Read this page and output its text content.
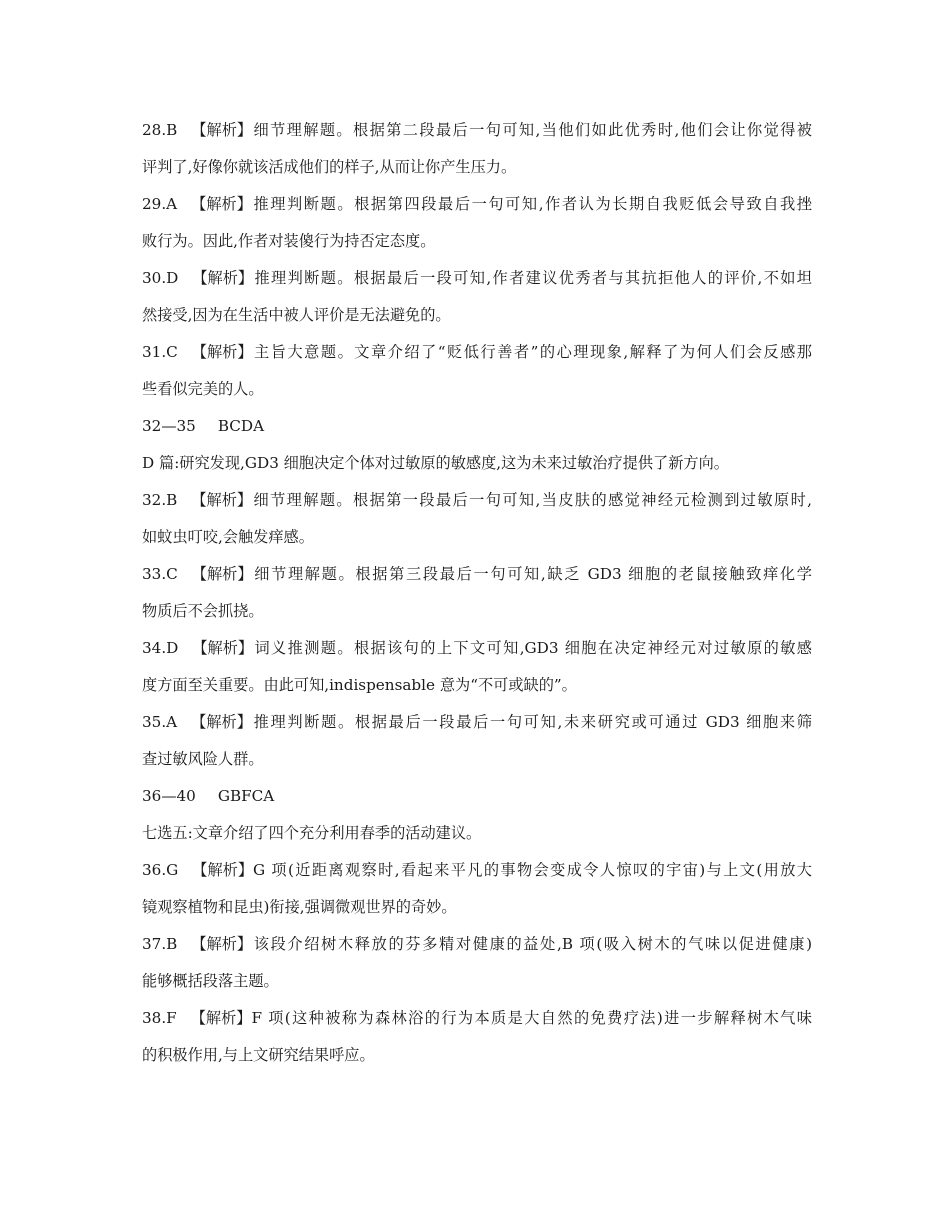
28.B 【解析】细节理解题。根据第二段最后一句可知,当他们如此优秀时,他们会让你觉得被
评判了,好像你就该活成他们的样子,从而让你产生压力。
29.A 【解析】推理判断题。根据第四段最后一句可知,作者认为长期自我贬低会导致自我挫
败行为。因此,作者对装傻行为持否定态度。
30.D 【解析】推理判断题。根据最后一段可知,作者建议优秀者与其抗拒他人的评价,不如坦
然接受,因为在生活中被人评价是无法避免的。
31.C 【解析】主旨大意题。文章介绍了“贬低行善者”的心理现象,解释了为何人们会反感那
些看似完美的人。
32—35 BCDA
D 篇:研究发现,GD3 细胞决定个体对过敏原的敏感度,这为未来过敏治疗提供了新方向。
32.B 【解析】细节理解题。根据第一段最后一句可知,当皮肤的感觉神经元检测到过敏原时,
如蚊虫叮咬,会触发痒感。
33.C 【解析】细节理解题。根据第三段最后一句可知,缺乏 GD3 细胞的老鼠接触致痒化学
物质后不会抓挠。
34.D 【解析】词义推测题。根据该句的上下文可知,GD3 细胞在决定神经元对过敏原的敏感
度方面至关重要。由此可知,indispensable 意为“不可或缺的”。
35.A 【解析】推理判断题。根据最后一段最后一句可知,未来研究或可通过 GD3 细胞来筛
查过敏风险人群。
36—40 GBFCA
七选五:文章介绍了四个充分利用春季的活动建议。
36.G 【解析】G 项(近距离观察时,看起来平凡的事物会变成令人惊叹的宇宙)与上文(用放大
镜观察植物和昆虫)衔接,强调微观世界的奇妙。
37.B 【解析】该段介绍树木释放的芬多精对健康的益处,B 项(吸入树木的气味以促进健康)
能够概括段落主题。
38.F 【解析】F 项(这种被称为森林浴的行为本质是大自然的免费疗法)进一步解释树木气味
的积极作用,与上文研究结果呼应。
